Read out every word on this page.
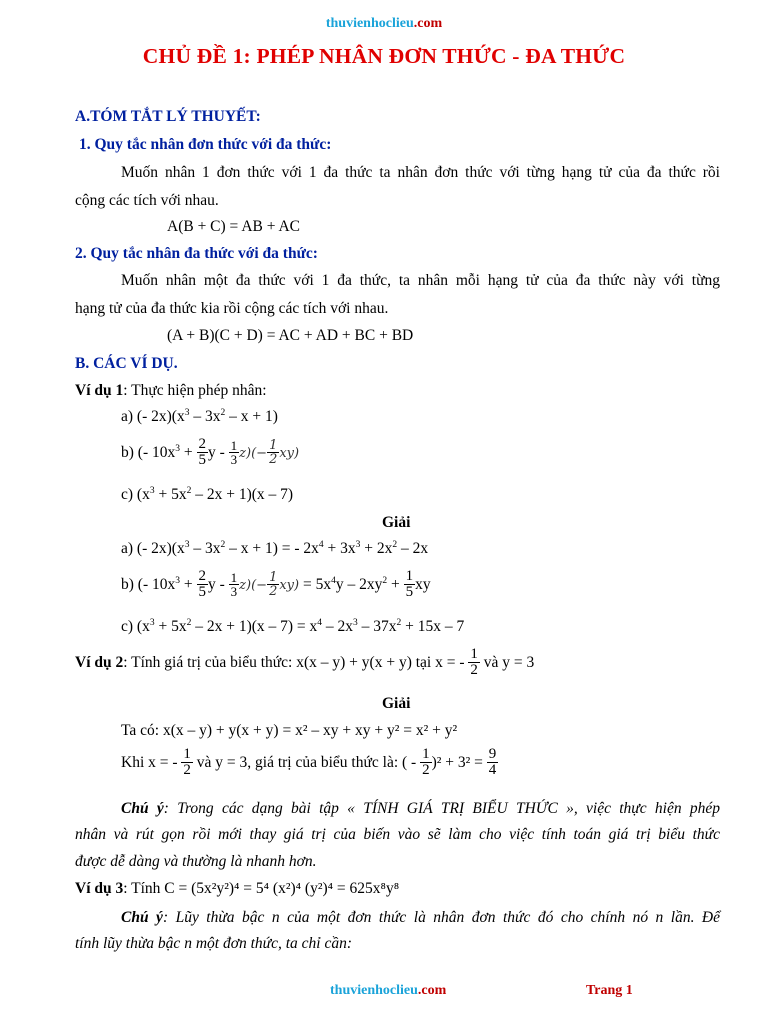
thuvienhoclieu.com
CHỦ ĐỀ 1: PHÉP NHÂN ĐƠN THỨC - ĐA THỨC
A.TÓM TẮT LÝ THUYẾT:
1. Quy tắc nhân đơn thức với đa thức:
Muốn nhân 1 đơn thức với 1 đa thức ta nhân đơn thức với từng hạng tử của đa thức rồi
cộng các tích với nhau.
A(B + C) = AB + AC
2. Quy tắc nhân đa thức với đa thức:
Muốn nhân một đa thức với 1 đa thức, ta nhân mỗi hạng tử của đa thức này với từng
hạng tử của đa thức kia rồi cộng các tích với nhau.
(A + B)(C + D) = AC + AD + BC + BD
B. CÁC VÍ DỤ.
Ví dụ 1: Thực hiện phép nhân:
a) (- $2x)(x^3 - 3x^2 - x + 1)$
b) (- $10x^3 + \frac{2}{5}$ $y - \frac{1}{3} z)(- \frac{1}{2} xy)$
c) $(x^3 + 5x^2 - 2x + 1)(x - 7)$
Giải
a) (- $2x)(x^3 - 3x^2 - x + 1)$ = - $2x^4 + 3x^3 + 2x^2 - 2x$
b) (- $10x^3 + \frac{2}{5}$ $y - \frac{1}{3} z)(- \frac{1}{2} xy) = 5x^4y - 2xy^2 + \frac{1}{5}$ xy
c) $(x^3 + 5x^2 - 2x + 1)(x - 7) = x^4 - 2x^3 - 37x^2 + 15x - 7$
Ví dụ 2: Tính giá trị của biểu thức: x(x – y) + y(x + y) tại x = - $\frac{1}{2}$ và y = 3
Giải
Ta có: x(x – y) + y(x + y) = x² – xy + xy + y² = x² + y²
Khi x = - $\frac{1}{2}$ và y = 3, giá trị của biểu thức là: ( - $\frac{1}{2} )^2 + 3^2 = \frac{9}{4}$
Chú ý: Trong các dạng bài tập « TÍNH GIÁ TRỊ BIỂU THỨC », việc thực hiện phép
nhân và rút gọn rồi mới thay giá trị của biến vào sẽ làm cho việc tính toán giá trị biểu thức
được dễ dàng và thường là nhanh hơn.
Ví dụ 3: Tính C = (5x²y²)⁴ = 5⁴ (x²)⁴ (y²)⁴ = 625x⁸y⁸
Chú ý: Lũy thừa bậc n của một đơn thức là nhân đơn thức đó cho chính nó n lần. Để
tính lũy thừa bậc n một đơn thức, ta chỉ cần:
thuvienhoclieu.com	Trang 1
